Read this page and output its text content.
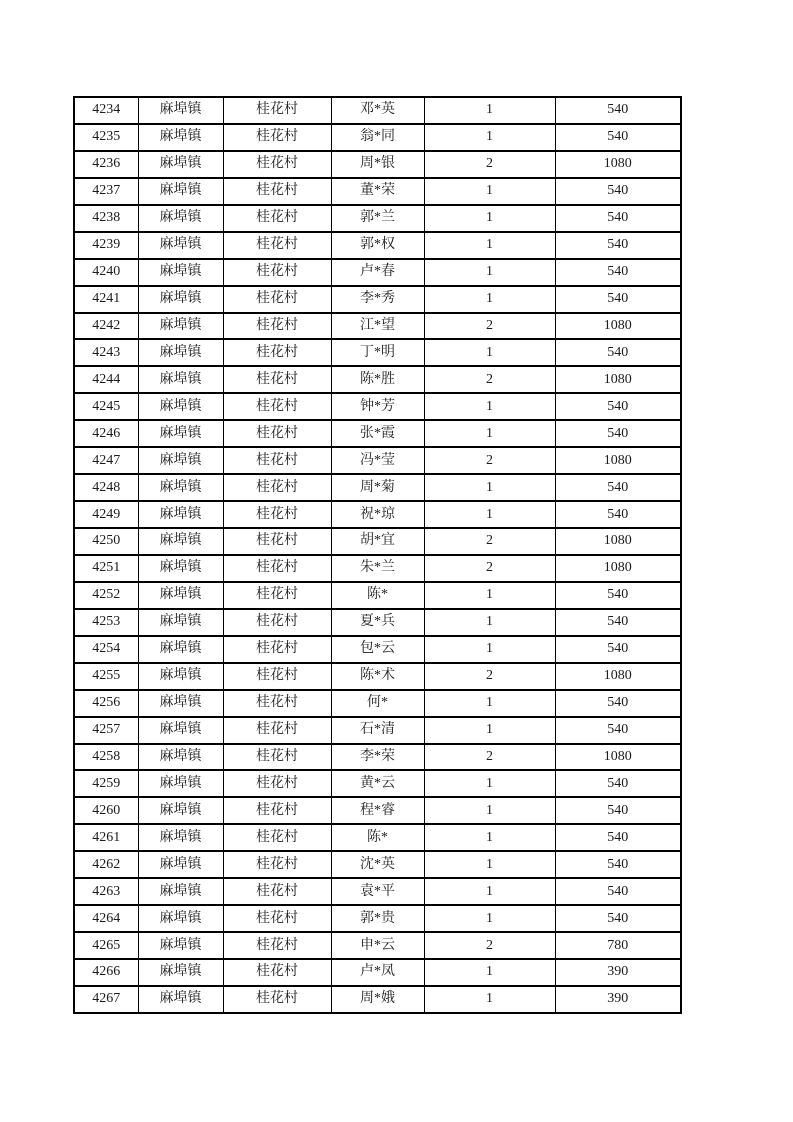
4234	麻埠镇	桂花村	邓*英	1	540
4235	麻埠镇	桂花村	翁*同	1	540
4236	麻埠镇	桂花村	周*银	2	1080
4237	麻埠镇	桂花村	董*荣	1	540
4238	麻埠镇	桂花村	郭*兰	1	540
4239	麻埠镇	桂花村	郭*权	1	540
4240	麻埠镇	桂花村	卢*春	1	540
4241	麻埠镇	桂花村	李*秀	1	540
4242	麻埠镇	桂花村	江*望	2	1080
4243	麻埠镇	桂花村	丁*明	1	540
4244	麻埠镇	桂花村	陈*胜	2	1080
4245	麻埠镇	桂花村	钟*芳	1	540
4246	麻埠镇	桂花村	张*霞	1	540
4247	麻埠镇	桂花村	冯*莹	2	1080
4248	麻埠镇	桂花村	周*菊	1	540
4249	麻埠镇	桂花村	祝*琼	1	540
4250	麻埠镇	桂花村	胡*宜	2	1080
4251	麻埠镇	桂花村	朱*兰	2	1080
4252	麻埠镇	桂花村	陈*	1	540
4253	麻埠镇	桂花村	夏*兵	1	540
4254	麻埠镇	桂花村	包*云	1	540
4255	麻埠镇	桂花村	陈*术	2	1080
4256	麻埠镇	桂花村	何*	1	540
4257	麻埠镇	桂花村	石*清	1	540
4258	麻埠镇	桂花村	李*荣	2	1080
4259	麻埠镇	桂花村	黄*云	1	540
4260	麻埠镇	桂花村	程*睿	1	540
4261	麻埠镇	桂花村	陈*	1	540
4262	麻埠镇	桂花村	沈*英	1	540
4263	麻埠镇	桂花村	袁*平	1	540
4264	麻埠镇	桂花村	郭*贵	1	540
4265	麻埠镇	桂花村	申*云	2	780
4266	麻埠镇	桂花村	卢*凤	1	390
4267	麻埠镇	桂花村	周*娥	1	390
